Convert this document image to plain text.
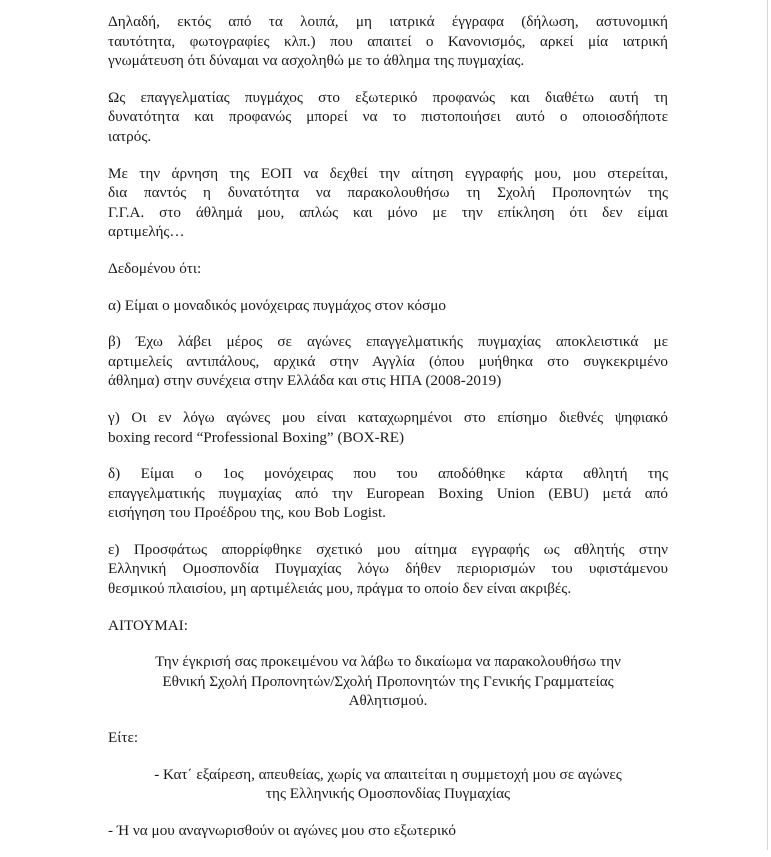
Δηλαδή, εκτός από τα λοιπά, μη ιατρικά έγγραφα (δήλωση, αστυνομική
ταυτότητα, φωτογραφίες κλπ.) που απαιτεί ο Κανονισμός, αρκεί μία ιατρική
γνωμάτευση ότι δύναμαι να ασχοληθώ με το άθλημα της πυγμαχίας.

Ως επαγγελματίας πυγμάχος στο εξωτερικό προφανώς και διαθέτω αυτή τη
δυνατότητα και προφανώς μπορεί να το πιστοποιήσει αυτό ο οποιοσδήποτε
ιατρός.

Με την άρνηση της ΕΟΠ να δεχθεί την αίτηση εγγραφής μου, μου στερείται,
δια παντός η δυνατότητα να παρακολουθήσω τη Σχολή Προπονητών της
Γ.Γ.Α. στο άθλημά μου, απλώς και μόνο με την επίκληση ότι δεν είμαι
αρτιμελής…

Δεδομένου ότι:

α) Είμαι ο μοναδικός μονόχειρας πυγμάχος στον κόσμο

β) Έχω λάβει μέρος σε αγώνες επαγγελματικής πυγμαχίας αποκλειστικά με
αρτιμελείς αντιπάλους, αρχικά στην Αγγλία (όπου μυήθηκα στο συγκεκριμένο
άθλημα) στην συνέχεια στην Ελλάδα και στις ΗΠΑ (2008-2019)

γ) Οι εν λόγω αγώνες μου είναι καταχωρημένοι στο επίσημο διεθνές ψηφιακό
boxing record “Professional Boxing” (BOX-RE)

δ) Είμαι ο 1ος μονόχειρας που του αποδόθηκε κάρτα αθλητή της
επαγγελματικής πυγμαχίας από την European Boxing Union (EBU) μετά από
εισήγηση του Προέδρου της, κου Bob Logist.

ε) Προσφάτως απορρίφθηκε σχετικό μου αίτημα εγγραφής ως αθλητής στην
Ελληνική Ομοσπονδία Πυγμαχίας λόγω δήθεν περιορισμών του υφιστάμενου
θεσμικού πλαισίου, μη αρτιμέλειάς μου, πράγμα το οποίο δεν είναι ακριβές.

ΑΙΤΟΥΜΑΙ:

Την έγκρισή σας προκειμένου να λάβω το δικαίωμα να παρακολουθήσω την
Εθνική Σχολή Προπονητών/Σχολή Προπονητών της Γενικής Γραμματείας
Αθλητισμού.

Είτε:

- Κατ΄ εξαίρεση, απευθείας, χωρίς να απαιτείται η συμμετοχή μου σε αγώνες
της Ελληνικής Ομοσπονδίας Πυγμαχίας

- Ή να μου αναγνωρισθούν οι αγώνες μου στο εξωτερικό
